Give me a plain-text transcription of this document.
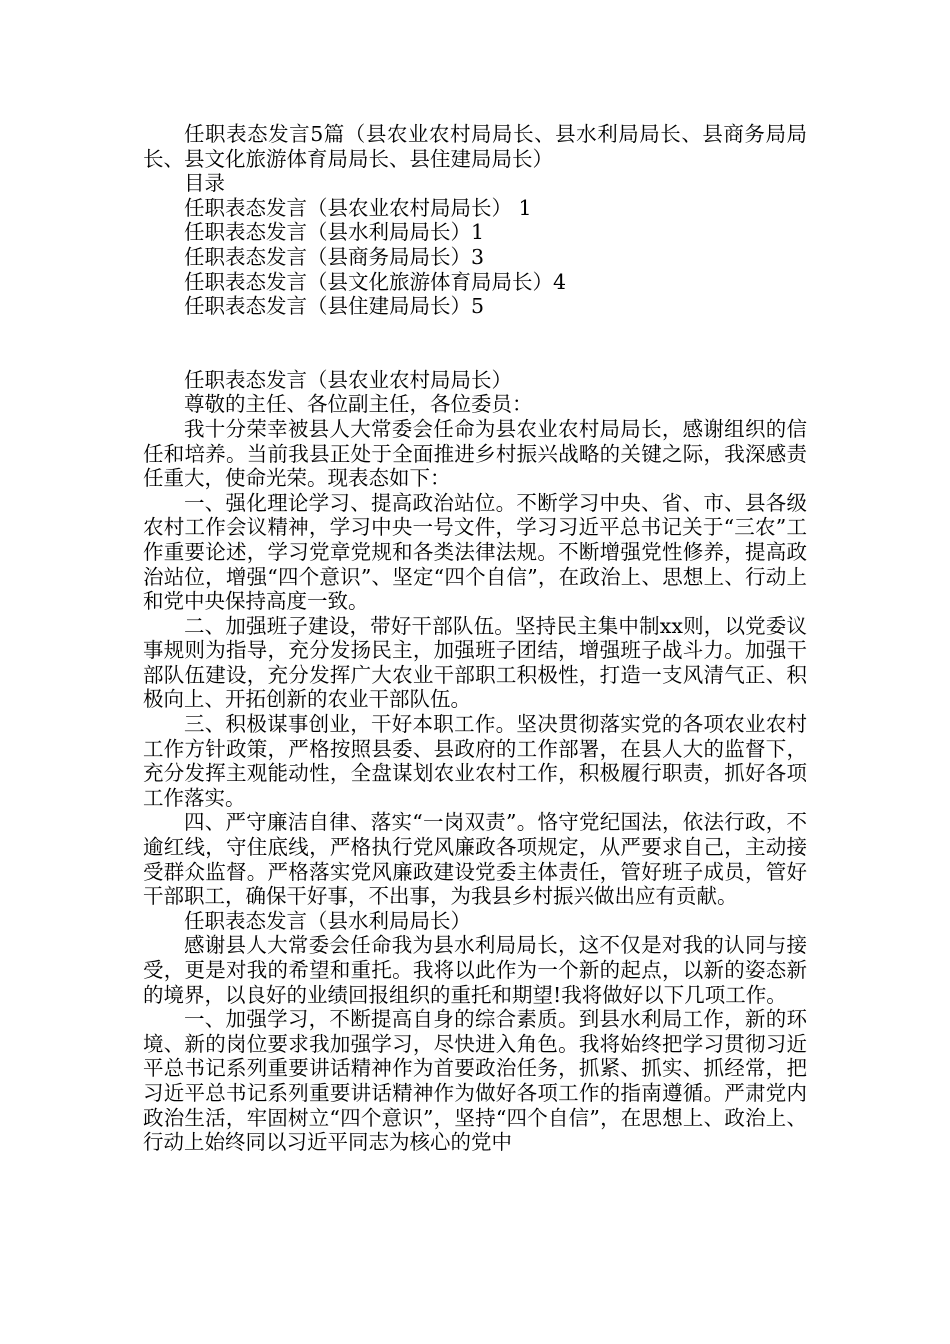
任职表态发言5篇（县农业农村局局长、县水利局局长、县商务局局长、县文化旅游体育局局长、县住建局局长）

目录

任职表态发言（县农业农村局局长） 1

任职表态发言（县水利局局长）1

任职表态发言（县商务局局长）3

任职表态发言（县文化旅游体育局局长）4

任职表态发言（县住建局局长）5

任职表态发言（县农业农村局局长）

尊敬的主任、各位副主任，各位委员：

我十分荣幸被县人大常委会任命为县农业农村局局长，感谢组织的信任和培养。当前我县正处于全面推进乡村振兴战略的关键之际，我深感责任重大，使命光荣。现表态如下：

一、强化理论学习、提高政治站位。不断学习中央、省、市、县各级农村工作会议精神，学习中央一号文件，学习习近平总书记关于“三农”工作重要论述，学习党章党规和各类法律法规。不断增强党性修养，提高政治站位，增强“四个意识”、坚定“四个自信”，在政治上、思想上、行动上和党中央保持高度一致。

二、加强班子建设，带好干部队伍。坚持民主集中制xx则，以党委议事规则为指导，充分发扬民主，加强班子团结，增强班子战斗力。加强干部队伍建设，充分发挥广大农业干部职工积极性，打造一支风清气正、积极向上、开拓创新的农业干部队伍。

三、积极谋事创业，干好本职工作。坚决贯彻落实党的各项农业农村工作方针政策，严格按照县委、县政府的工作部署，在县人大的监督下，充分发挥主观能动性，全盘谋划农业农村工作，积极履行职责，抓好各项工作落实。

四、严守廉洁自律、落实“一岗双责”。恪守党纪国法，依法行政，不逾红线，守住底线，严格执行党风廉政各项规定，从严要求自己，主动接受群众监督。严格落实党风廉政建设党委主体责任，管好班子成员，管好干部职工，确保干好事，不出事，为我县乡村振兴做出应有贡献。

任职表态发言（县水利局局长）

感谢县人大常委会任命我为县水利局局长，这不仅是对我的认同与接受，更是对我的希望和重托。我将以此作为一个新的起点，以新的姿态新的境界，以良好的业绩回报组织的重托和期望!我将做好以下几项工作。

一、加强学习，不断提高自身的综合素质。到县水利局工作，新的环境、新的岗位要求我加强学习，尽快进入角色。我将始终把学习贯彻习近平总书记系列重要讲话精神作为首要政治任务，抓紧、抓实、抓经常，把习近平总书记系列重要讲话精神作为做好各项工作的指南遵循。严肃党内政治生活，牢固树立“四个意识”，坚持“四个自信”，在思想上、政治上、行动上始终同以习近平同志为核心的党中
